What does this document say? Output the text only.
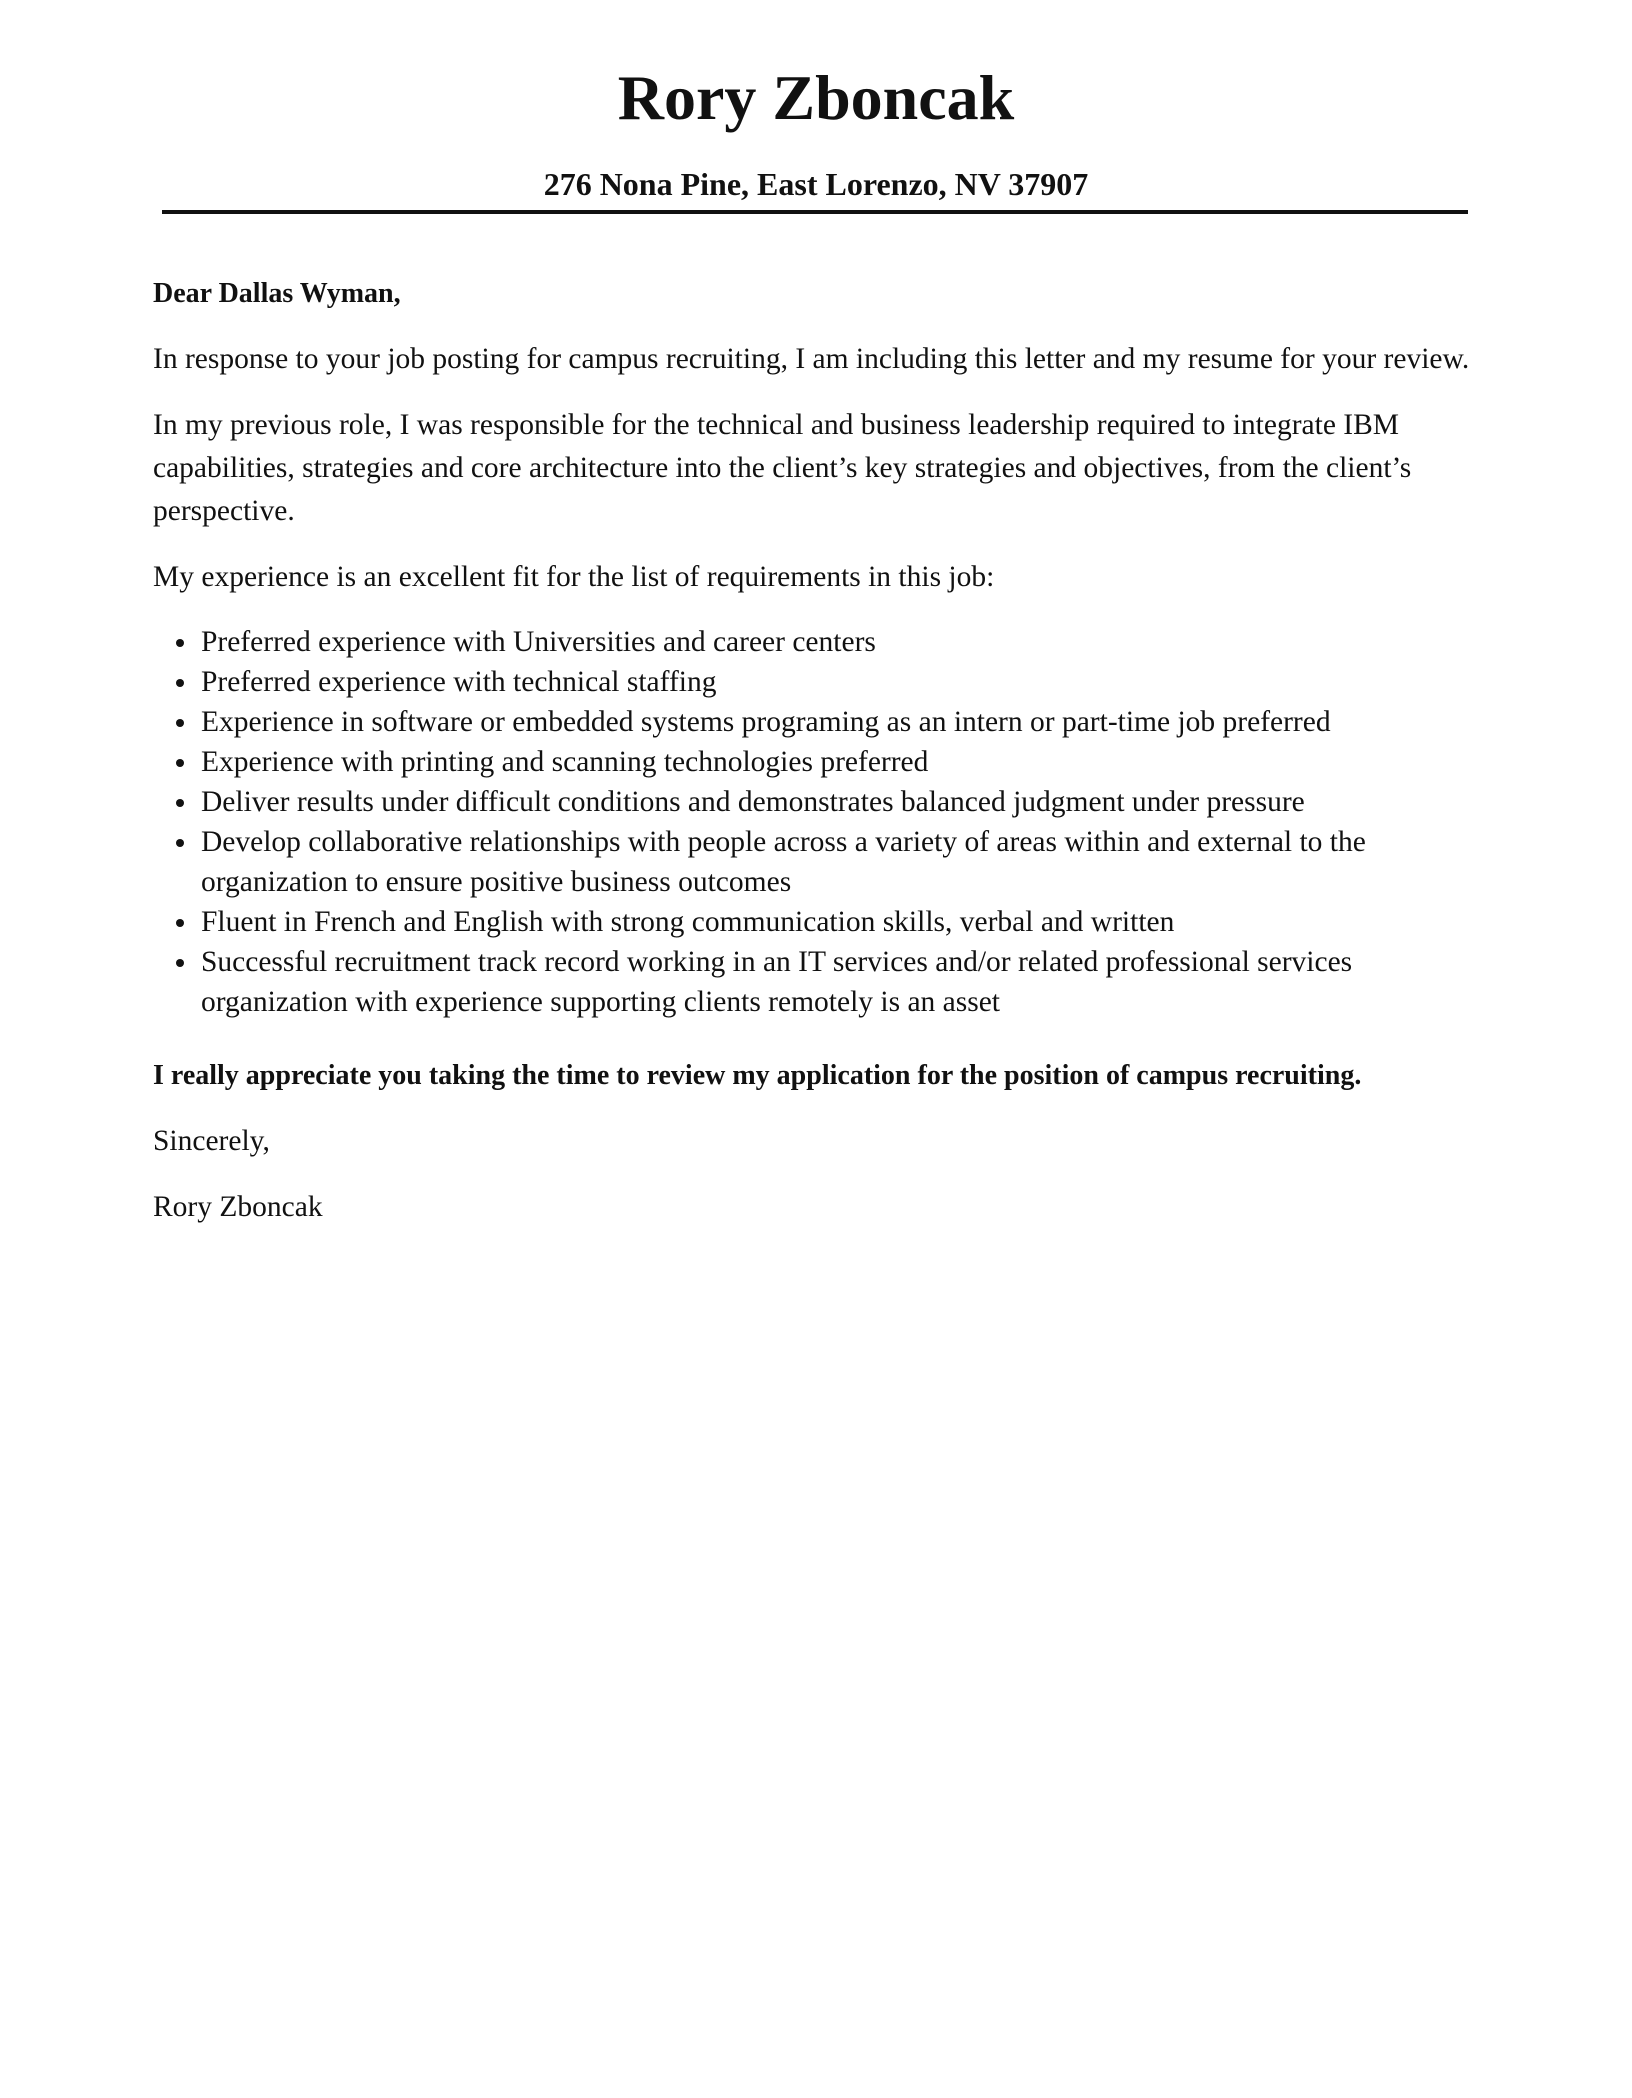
Rory Zboncak
276 Nona Pine, East Lorenzo, NV 37907

Dear Dallas Wyman,

In response to your job posting for campus recruiting, I am including this letter and my resume for your review.

In my previous role, I was responsible for the technical and business leadership required to integrate IBM capabilities, strategies and core architecture into the client’s key strategies and objectives, from the client’s perspective.

My experience is an excellent fit for the list of requirements in this job:

Preferred experience with Universities and career centers
Preferred experience with technical staffing
Experience in software or embedded systems programing as an intern or part-time job preferred
Experience with printing and scanning technologies preferred
Deliver results under difficult conditions and demonstrates balanced judgment under pressure
Develop collaborative relationships with people across a variety of areas within and external to the organization to ensure positive business outcomes
Fluent in French and English with strong communication skills, verbal and written
Successful recruitment track record working in an IT services and/or related professional services organization with experience supporting clients remotely is an asset

I really appreciate you taking the time to review my application for the position of campus recruiting.

Sincerely,

Rory Zboncak
